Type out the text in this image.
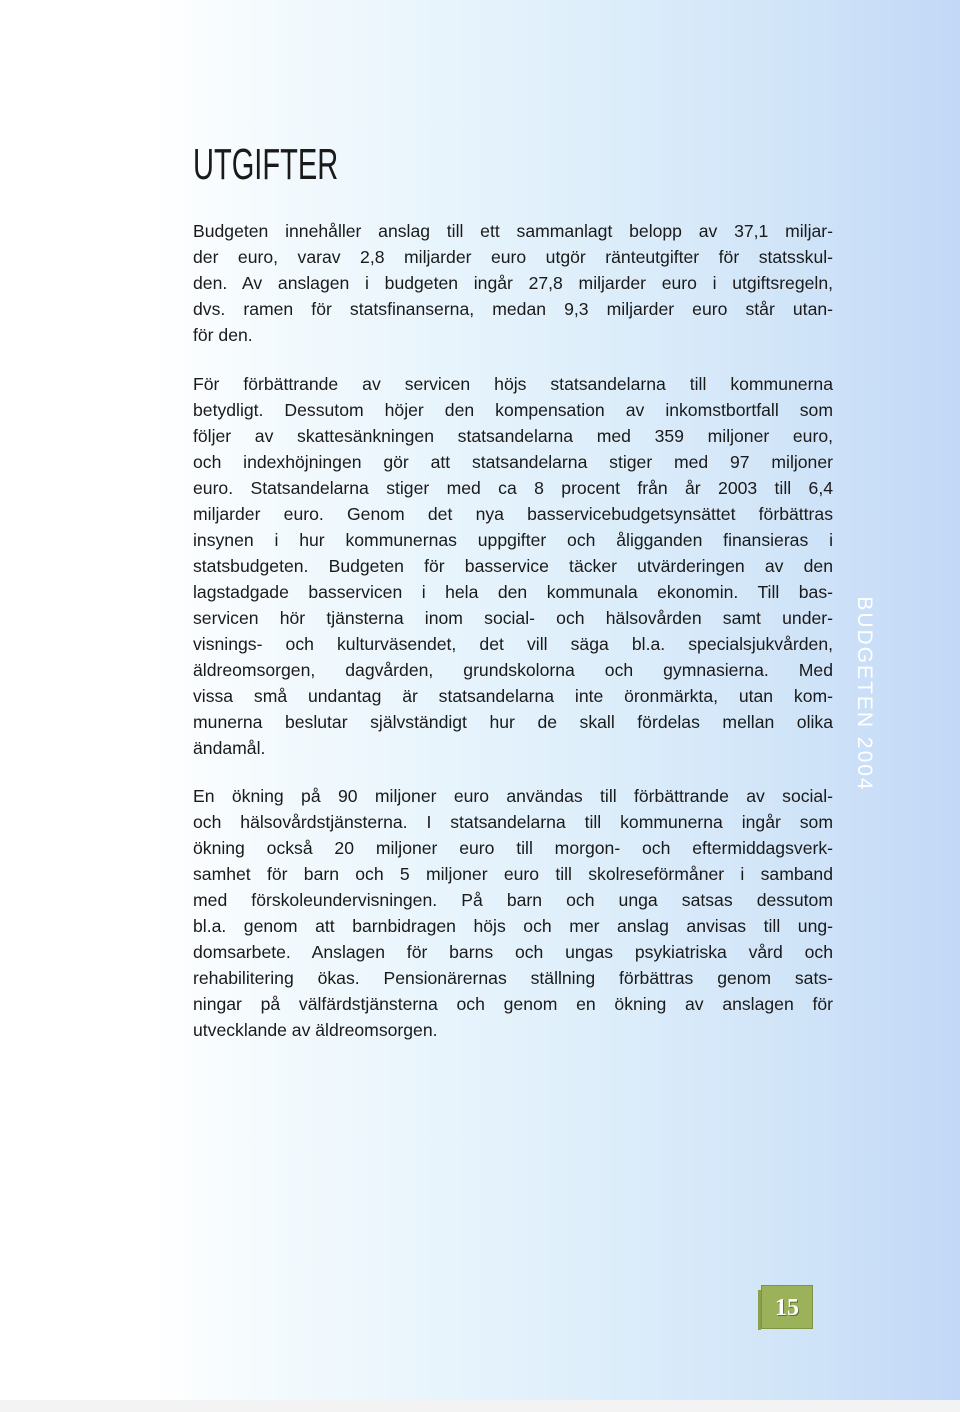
UTGIFTER
Budgeten innehåller anslag till ett sammanlagt belopp av 37,1 miljar-
der euro, varav 2,8 miljarder euro utgör ränteutgifter för statsskul-
den. Av anslagen i budgeten ingår 27,8 miljarder euro i utgiftsregeln,
dvs. ramen för statsfinanserna, medan 9,3 miljarder euro står utan-
för den.
För förbättrande av servicen höjs statsandelarna till kommunerna
betydligt. Dessutom höjer den kompensation av inkomstbortfall som
följer av skattesänkningen statsandelarna med 359 miljoner euro,
och indexhöjningen gör att statsandelarna stiger med 97 miljoner
euro. Statsandelarna stiger med ca 8 procent från år 2003 till 6,4
miljarder euro. Genom det nya basservicebudgetsynsättet förbättras
insynen i hur kommunernas uppgifter och åligganden finansieras i
statsbudgeten. Budgeten för basservice täcker utvärderingen av den
lagstadgade basservicen i hela den kommunala ekonomin. Till bas-
servicen hör tjänsterna inom social- och hälsovården samt under-
visnings- och kulturväsendet, det vill säga bl.a. specialsjukvården,
äldreomsorgen, dagvården, grundskolorna och gymnasierna. Med
vissa små undantag är statsandelarna inte öronmärkta, utan kom-
munerna beslutar självständigt hur de skall fördelas mellan olika
ändamål.
En ökning på 90 miljoner euro användas till förbättrande av social-
och hälsovårdstjänsterna. I statsandelarna till kommunerna ingår som
ökning också 20 miljoner euro till morgon- och eftermiddagsverk-
samhet för barn och 5 miljoner euro till skolreseförmåner i samband
med förskoleundervisningen. På barn och unga satsas dessutom
bl.a. genom att barnbidragen höjs och mer anslag anvisas till ung-
domsarbete. Anslagen för barns och ungas psykiatriska vård och
rehabilitering ökas. Pensionärernas ställning förbättras genom sats-
ningar på välfärdstjänsterna och genom en ökning av anslagen för
utvecklande av äldreomsorgen.
BUDGETEN 2004
15
